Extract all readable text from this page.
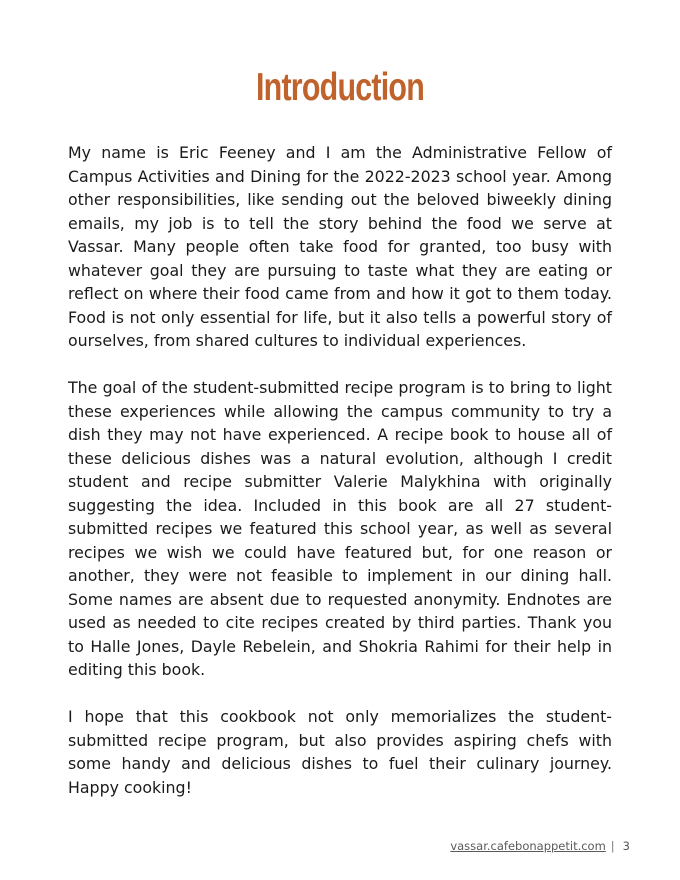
Introduction

My name is Eric Feeney and I am the Administrative Fellow of Campus Activities and Dining for the 2022-2023 school year. Among other responsibilities, like sending out the beloved biweekly dining emails, my job is to tell the story behind the food we serve at Vassar. Many people often take food for granted, too busy with whatever goal they are pursuing to taste what they are eating or reflect on where their food came from and how it got to them today. Food is not only essential for life, but it also tells a powerful story of ourselves, from shared cultures to individual experiences.

The goal of the student-submitted recipe program is to bring to light these experiences while allowing the campus community to try a dish they may not have experienced. A recipe book to house all of these delicious dishes was a natural evolution, although I credit student and recipe submitter Valerie Malykhina with originally suggesting the idea. Included in this book are all 27 student-submitted recipes we featured this school year, as well as several recipes we wish we could have featured but, for one reason or another, they were not feasible to implement in our dining hall. Some names are absent due to requested anonymity. Endnotes are used as needed to cite recipes created by third parties. Thank you to Halle Jones, Dayle Rebelein, and Shokria Rahimi for their help in editing this book.

I hope that this cookbook not only memorializes the student-submitted recipe program, but also provides aspiring chefs with some handy and delicious dishes to fuel their culinary journey. Happy cooking!

vassar.cafebonappetit.com | 3
